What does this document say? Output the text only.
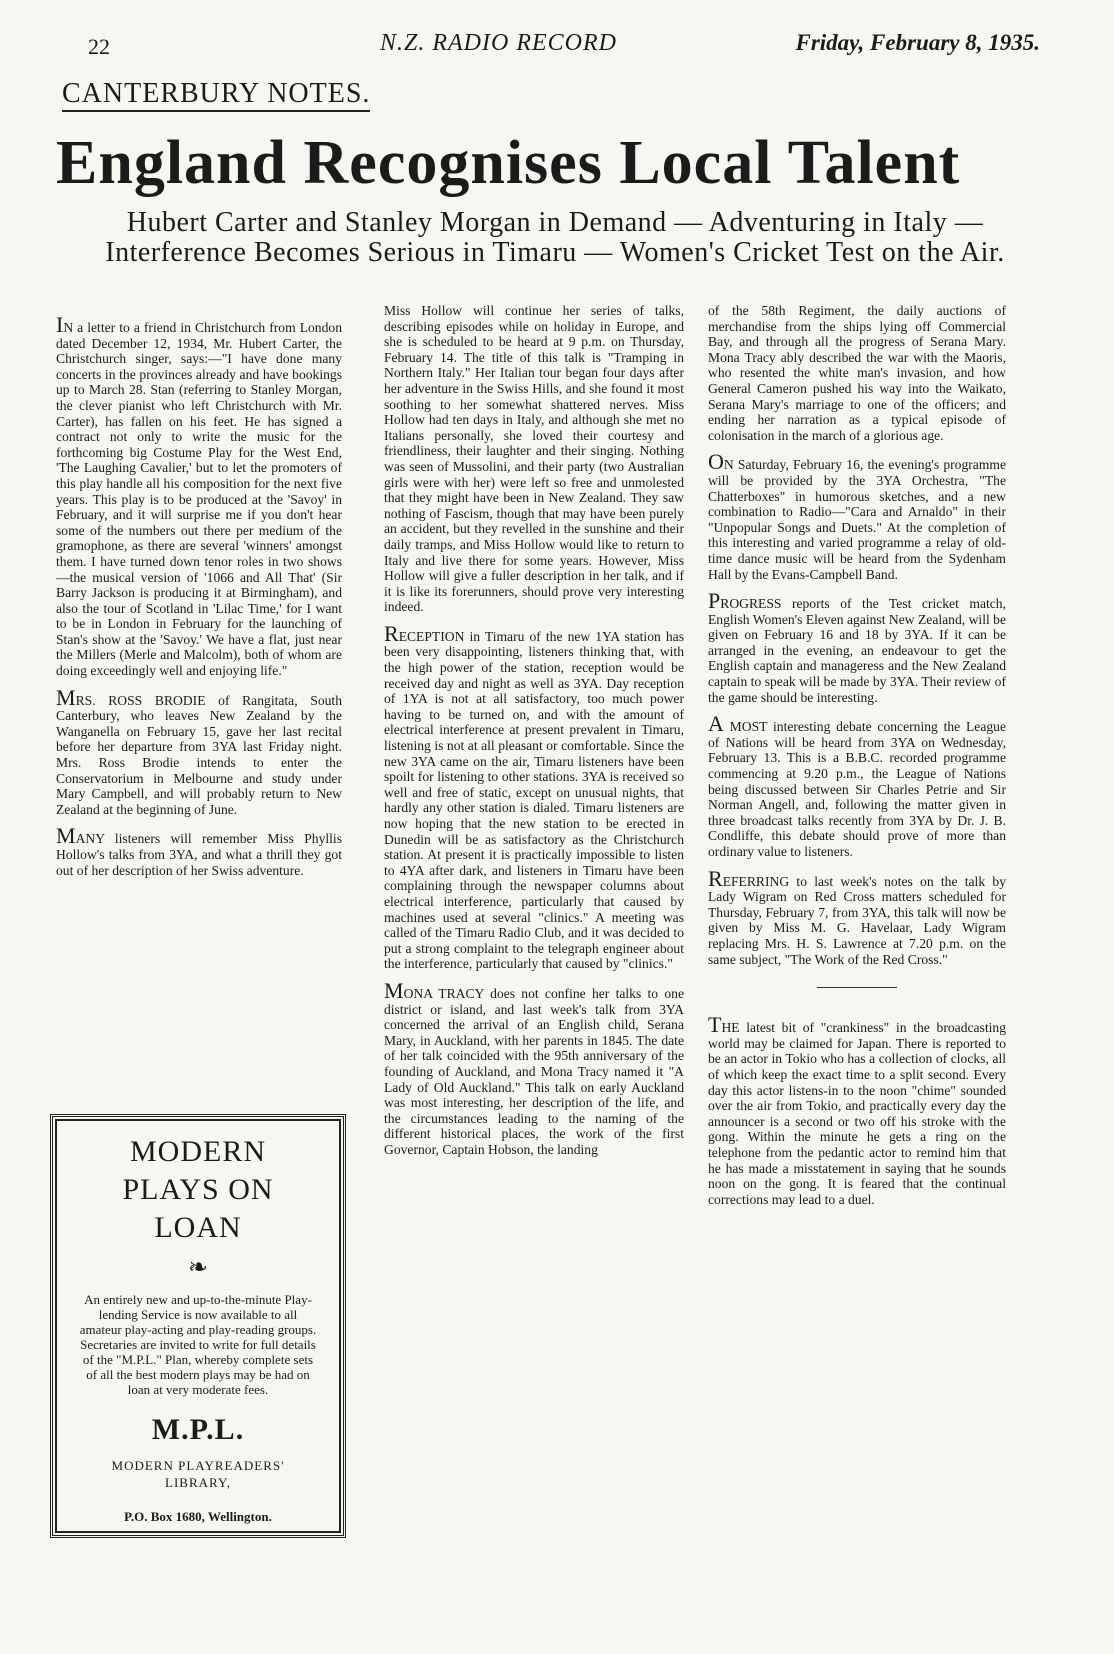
22	N.Z. RADIO RECORD	Friday, February 8, 1935.
CANTERBURY NOTES.
England Recognises Local Talent
Hubert Carter and Stanley Morgan in Demand — Adventuring in Italy — Interference Becomes Serious in Timaru — Women's Cricket Test on the Air.

IN a letter to a friend in Christchurch from London dated December 12, 1934, Mr. Hubert Carter, the Christchurch singer, says:—"I have done many concerts in the provinces already and have bookings up to March 28. Stan (referring to Stanley Morgan, the clever pianist who left Christchurch with Mr. Carter), has fallen on his feet. He has signed a contract not only to write the music for the forthcoming big Costume Play for the West End, 'The Laughing Cavalier,' but to let the promoters of this play handle all his composition for the next five years. This play is to be produced at the 'Savoy' in February, and it will surprise me if you don't hear some of the numbers out there per medium of the gramophone, as there are several 'winners' amongst them. I have turned down tenor roles in two shows—the musical version of '1066 and All That' (Sir Barry Jackson is producing it at Birmingham), and also the tour of Scotland in 'Lilac Time,' for I want to be in London in February for the launching of Stan's show at the 'Savoy.' We have a flat, just near the Millers (Merle and Malcolm), both of whom are doing exceedingly well and enjoying life."

MRS. ROSS BRODIE of Rangitata, South Canterbury, who leaves New Zealand by the Wanganella on February 15, gave her last recital before her departure from 3YA last Friday night. Mrs. Ross Brodie intends to enter the Conservatorium in Melbourne and study under Mary Campbell, and will probably return to New Zealand at the beginning of June.

MANY listeners will remember Miss Phyllis Hollow's talks from 3YA, and what a thrill they got out of her description of her Swiss adventure.

MODERN
PLAYS ON
LOAN
❧
An entirely new and up-to-the-minute Play-lending Service is now available to all amateur play-acting and play-reading groups. Secretaries are invited to write for full details of the "M.P.L." Plan, whereby complete sets of all the best modern plays may be had on loan at very moderate fees.
M.P.L.
MODERN PLAYREADERS'
LIBRARY,
P.O. Box 1680, Wellington.

Miss Hollow will continue her series of talks, describing episodes while on holiday in Europe, and she is scheduled to be heard at 9 p.m. on Thursday, February 14. The title of this talk is "Tramping in Northern Italy." Her Italian tour began four days after her adventure in the Swiss Hills, and she found it most soothing to her somewhat shattered nerves. Miss Hollow had ten days in Italy, and although she met no Italians personally, she loved their courtesy and friendliness, their laughter and their singing. Nothing was seen of Mussolini, and their party (two Australian girls were with her) were left so free and unmolested that they might have been in New Zealand. They saw nothing of Fascism, though that may have been purely an accident, but they revelled in the sunshine and their daily tramps, and Miss Hollow would like to return to Italy and live there for some years. However, Miss Hollow will give a fuller description in her talk, and if it is like its forerunners, should prove very interesting indeed.

RECEPTION in Timaru of the new 1YA station has been very disappointing, listeners thinking that, with the high power of the station, reception would be received day and night as well as 3YA. Day reception of 1YA is not at all satisfactory, too much power having to be turned on, and with the amount of electrical interference at present prevalent in Timaru, listening is not at all pleasant or comfortable. Since the new 3YA came on the air, Timaru listeners have been spoilt for listening to other stations. 3YA is received so well and free of static, except on unusual nights, that hardly any other station is dialed. Timaru listeners are now hoping that the new station to be erected in Dunedin will be as satisfactory as the Christchurch station. At present it is practically impossible to listen to 4YA after dark, and listeners in Timaru have been complaining through the newspaper columns about electrical interference, particularly that caused by machines used at several "clinics." A meeting was called of the Timaru Radio Club, and it was decided to put a strong complaint to the telegraph engineer about the interference, particularly that caused by "clinics."

MONA TRACY does not confine her talks to one district or island, and last week's talk from 3YA concerned the arrival of an English child, Serana Mary, in Auckland, with her parents in 1845. The date of her talk coincided with the 95th anniversary of the founding of Auckland, and Mona Tracy named it "A Lady of Old Auckland." This talk on early Auckland was most interesting, her description of the life, and the circumstances leading to the naming of the different historical places, the work of the first Governor, Captain Hobson, the landing

of the 58th Regiment, the daily auctions of merchandise from the ships lying off Commercial Bay, and through all the progress of Serana Mary. Mona Tracy ably described the war with the Maoris, who resented the white man's invasion, and how General Cameron pushed his way into the Waikato, Serana Mary's marriage to one of the officers; and ending her narration as a typical episode of colonisation in the march of a glorious age.

ON Saturday, February 16, the evening's programme will be provided by the 3YA Orchestra, "The Chatterboxes" in humorous sketches, and a new combination to Radio—"Cara and Arnaldo" in their "Unpopular Songs and Duets." At the completion of this interesting and varied programme a relay of old-time dance music will be heard from the Sydenham Hall by the Evans-Campbell Band.

PROGRESS reports of the Test cricket match, English Women's Eleven against New Zealand, will be given on February 16 and 18 by 3YA. If it can be arranged in the evening, an endeavour to get the English captain and manageress and the New Zealand captain to speak will be made by 3YA. Their review of the game should be interesting.

A MOST interesting debate concerning the League of Nations will be heard from 3YA on Wednesday, February 13. This is a B.B.C. recorded programme commencing at 9.20 p.m., the League of Nations being discussed between Sir Charles Petrie and Sir Norman Angell, and, following the matter given in three broadcast talks recently from 3YA by Dr. J. B. Condliffe, this debate should prove of more than ordinary value to listeners.

REFERRING to last week's notes on the talk by Lady Wigram on Red Cross matters scheduled for Thursday, February 7, from 3YA, this talk will now be given by Miss M. G. Havelaar, Lady Wigram replacing Mrs. H. S. Lawrence at 7.20 p.m. on the same subject, "The Work of the Red Cross."

THE latest bit of "crankiness" in the broadcasting world may be claimed for Japan. There is reported to be an actor in Tokio who has a collection of clocks, all of which keep the exact time to a split second. Every day this actor listens-in to the noon "chime" sounded over the air from Tokio, and practically every day the announcer is a second or two off his stroke with the gong. Within the minute he gets a ring on the telephone from the pedantic actor to remind him that he has made a misstatement in saying that he sounds noon on the gong. It is feared that the continual corrections may lead to a duel.
